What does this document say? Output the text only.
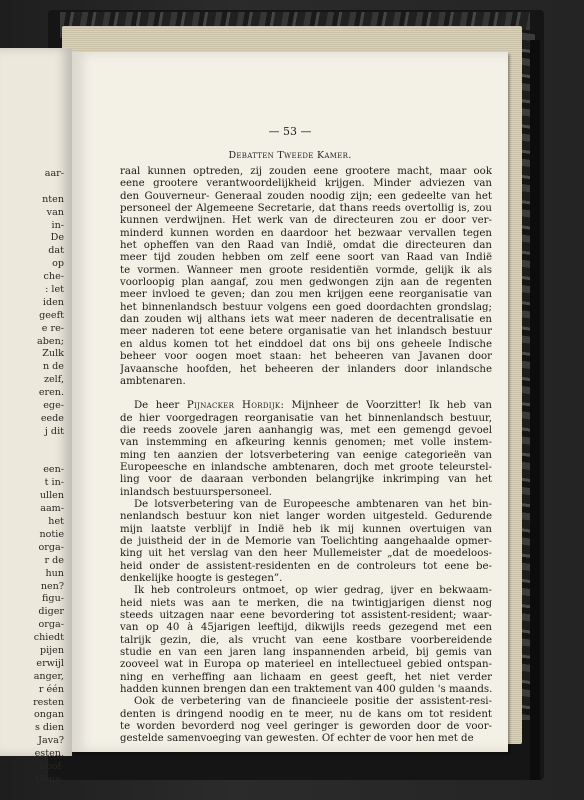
aar-
nten
van
in-
De
dat
op
che-
: let
iden
geeft
e re-
aben;
Zulk
n de
zelf,
eren.
ege-
eede
j dit
een-
t in-
ullen
aam-
het
notie
orga-
r de
hun
nen?
figu-
diger
orga-
chiedt
pijen
erwijl
anger,
r één
resten
ongan
s dien
Java?
esten,
hoof-
Gene-
— 53 —
Debatten Tweede Kamer.
raal kunnen optreden, zij zouden eene grootere macht, maar ook
eene grootere verantwoordelijkheid krijgen. Minder adviezen van
den Gouverneur- Generaal zouden noodig zijn; een gedeelte van het
personeel der Algemeene Secretarie, dat thans reeds overtollig is, zou
kunnen verdwijnen. Het werk van de directeuren zou er door ver-
minderd kunnen worden en daardoor het bezwaar vervallen tegen
het opheffen van den Raad van Indië, omdat die directeuren dan
meer tijd zouden hebben om zelf eene soort van Raad van Indië
te vormen. Wanneer men groote residentiën vormde, gelijk ik als
voorloopig plan aangaf, zou men gedwongen zijn aan de regenten
meer invloed te geven; dan zou men krijgen eene reorganisatie van
het binnenlandsch bestuur volgens een goed doordachten grondslag;
dan zouden wij althans iets wat meer naderen de decentralisatie en
meer naderen tot eene betere organisatie van het inlandsch bestuur
en aldus komen tot het einddoel dat ons bij ons geheele Indische
beheer voor oogen moet staan: het beheeren van Javanen door
Javaansche hoofden, het beheeren der inlanders door inlandsche
ambtenaren.
De heer Pijnacker Hordijk: Mijnheer de Voorzitter! Ik heb van
de hier voorgedragen reorganisatie van het binnenlandsch bestuur,
die reeds zoovele jaren aanhangig was, met een gemengd gevoel
van instemming en afkeuring kennis genomen; met volle instem-
ming ten aanzien der lotsverbetering van eenige categorieën van
Europeesche en inlandsche ambtenaren, doch met groote teleurstel-
ling voor de daaraan verbonden belangrijke inkrimping van het
inlandsch bestuurspersoneel.
De lotsverbetering van de Europeesche ambtenaren van het bin-
nenlandsch bestuur kon niet langer worden uitgesteld. Gedurende
mijn laatste verblijf in Indië heb ik mij kunnen overtuigen van
de juistheid der in de Memorie van Toelichting aangehaalde opmer-
king uit het verslag van den heer Mullemeister „dat de moedeloos-
heid onder de assistent-residenten en de controleurs tot eene be-
denkelijke hoogte is gestegen”.
Ik heb controleurs ontmoet, op wier gedrag, ijver en bekwaam-
heid niets was aan te merken, die na twintigjarigen dienst nog
steeds uitzagen naar eene bevordering tot assistent-resident; waar-
van op 40 à 45jarigen leeftijd, dikwijls reeds gezegend met een
talrijk gezin, die, als vrucht van eene kostbare voorbereidende
studie en van een jaren lang inspannenden arbeid, bij gemis van
zooveel wat in Europa op materieel en intellectueel gebied ontspan-
ning en verheffing aan lichaam en geest geeft, het niet verder
hadden kunnen brengen dan een traktement van 400 gulden 's maands.
Ook de verbetering van de financieele positie der assistent-resi-
denten is dringend noodig en te meer, nu de kans om tot resident
te worden bevorderd nog veel geringer is geworden door de voor-
gestelde samenvoeging van gewesten. Of echter de voor hen met de
